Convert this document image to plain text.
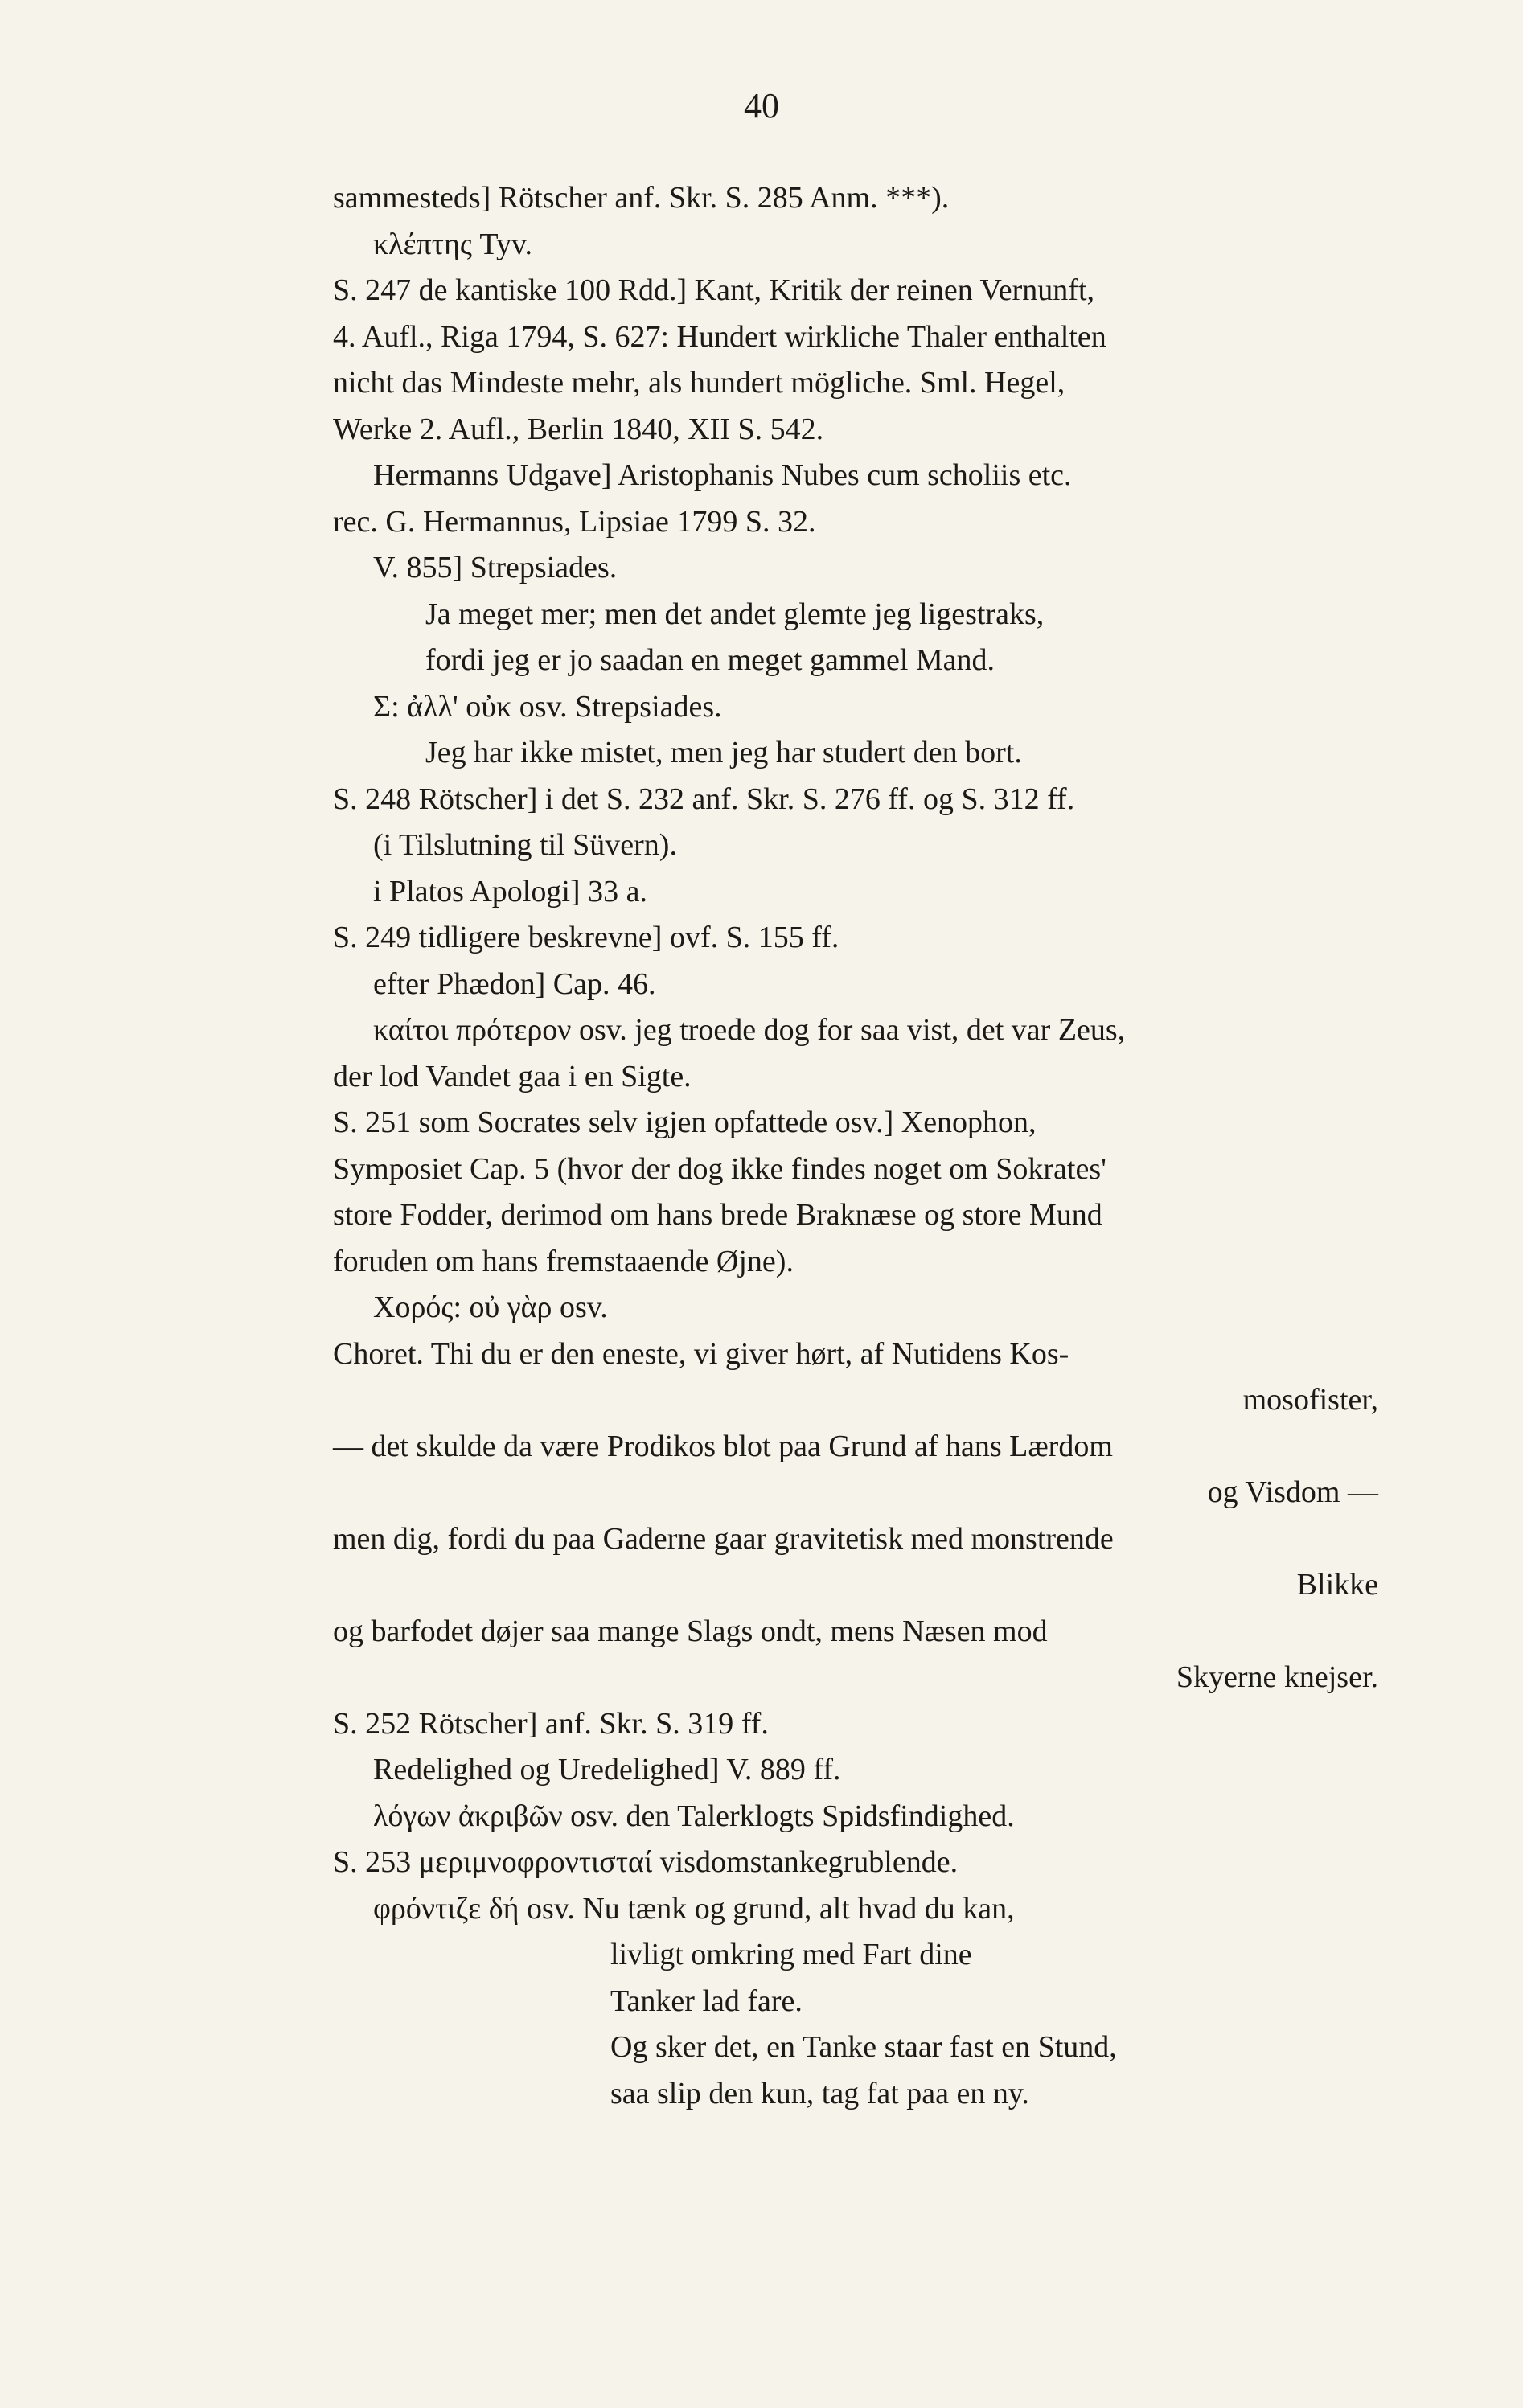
40
sammesteds] Rötscher anf. Skr. S. 285 Anm. ***).
κλέπτης Tyv.
S. 247 de kantiske 100 Rdd.] Kant, Kritik der reinen Vernunft,
4. Aufl., Riga 1794, S. 627: Hundert wirkliche Thaler enthalten
nicht das Mindeste mehr, als hundert mögliche. Sml. Hegel,
Werke 2. Aufl., Berlin 1840, XII S. 542.
Hermanns Udgave] Aristophanis Nubes cum scholiis etc.
rec. G. Hermannus, Lipsiae 1799 S. 32.
V. 855] Strepsiades.
Ja meget mer; men det andet glemte jeg ligestraks,
fordi jeg er jo saadan en meget gammel Mand.
Σ: ἀλλ' οὐκ osv. Strepsiades.
Jeg har ikke mistet, men jeg har studert den bort.
S. 248 Rötscher] i det S. 232 anf. Skr. S. 276 ff. og S. 312 ff.
(i Tilslutning til Süvern).
i Platos Apologi] 33 a.
S. 249 tidligere beskrevne] ovf. S. 155 ff.
efter Phædon] Cap. 46.
καίτοι πρότερον osv. jeg troede dog for saa vist, det var Zeus,
der lod Vandet gaa i en Sigte.
S. 251 som Socrates selv igjen opfattede osv.] Xenophon,
Symposiet Cap. 5 (hvor der dog ikke findes noget om Sokrates'
store Fodder, derimod om hans brede Braknæse og store Mund
foruden om hans fremstaaende Øjne).
Χορός: οὐ γὰρ osv.
Choret. Thi du er den eneste, vi giver hørt, af Nutidens Kos-
mosofister,
— det skulde da være Prodikos blot paa Grund af hans Lærdom
og Visdom —
men dig, fordi du paa Gaderne gaar gravitetisk med monstrende
Blikke
og barfodet døjer saa mange Slags ondt, mens Næsen mod
Skyerne knejser.
S. 252 Rötscher] anf. Skr. S. 319 ff.
Redelighed og Uredelighed] V. 889 ff.
λόγων ἀκριβῶν osv. den Talerklogts Spidsfindighed.
S. 253 μεριμνοφροντισταί visdomstankegrublende.
φρόντιζε δή osv. Nu tænk og grund, alt hvad du kan,
livligt omkring med Fart dine
Tanker lad fare.
Og sker det, en Tanke staar fast en Stund,
saa slip den kun, tag fat paa en ny.
